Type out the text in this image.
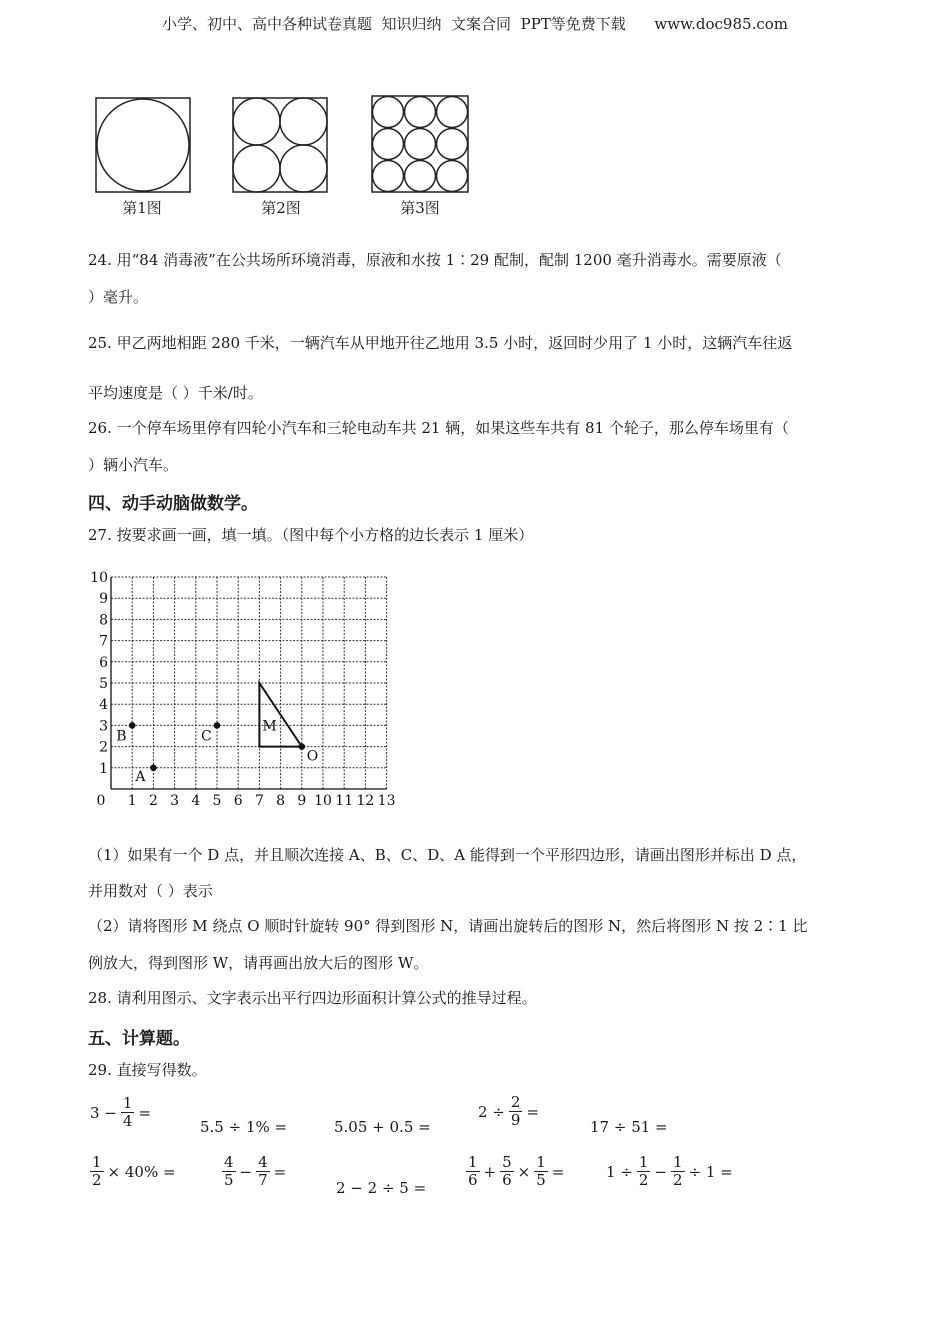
小学、初中、高中各种试卷真题  知识归纳  文案合同  PPT等免费下载      www.doc985.com
第1图	第2图	第3图
24. 用“84 消毒液”在公共场所环境消毒，原液和水按 1∶29 配制，配制 1200 毫升消毒水。需要原液（
）毫升。
25. 甲乙两地相距 280 千米，一辆汽车从甲地开往乙地用 3.5 小时，返回时少用了 1 小时，这辆汽车往返
平均速度是（ ）千米/时。
26. 一个停车场里停有四轮小汽车和三轮电动车共 21 辆，如果这些车共有 81 个轮子，那么停车场里有（
）辆小汽车。
四、动手动脑做数学。
27. 按要求画一画，填一填。（图中每个小方格的边长表示 1 厘米）
0 1 2 3 4 5 6 7 8 9 10 11 12 13
1
2
3
4
5
6
7
8
9
10
M
A
B	C
O
（1）如果有一个 D 点，并且顺次连接 A、B、C、D、A 能得到一个平形四边形，请画出图形并标出 D 点，
并用数对（ ）表示
（2）请将图形 M 绕点 O 顺时针旋转 90° 得到图形 N，请画出旋转后的图形 N，然后将图形 N 按 2∶1 比
例放大，得到图形 W，请再画出放大后的图形 W。
28. 请利用图示、文字表示出平行四边形面积计算公式的推导过程。
五、计算题。
29. 直接写得数。
$3 - \frac{1}{4}$ =
5.5 ÷ 1% =	5.05 + 0.5 =
$2 \div \frac{2}{9}$ =
17 ÷ 51 =
$\frac{1}{2} \times 40\%$ =	$\frac{4}{5} - \frac{4}{7}$ =
2 − 2 ÷ 5 =	$\frac{1}{6} + \frac{5}{6} \times \frac{1}{5}$ =	$1 \div \frac{1}{2} - \frac{1}{2} \div 1$ =
